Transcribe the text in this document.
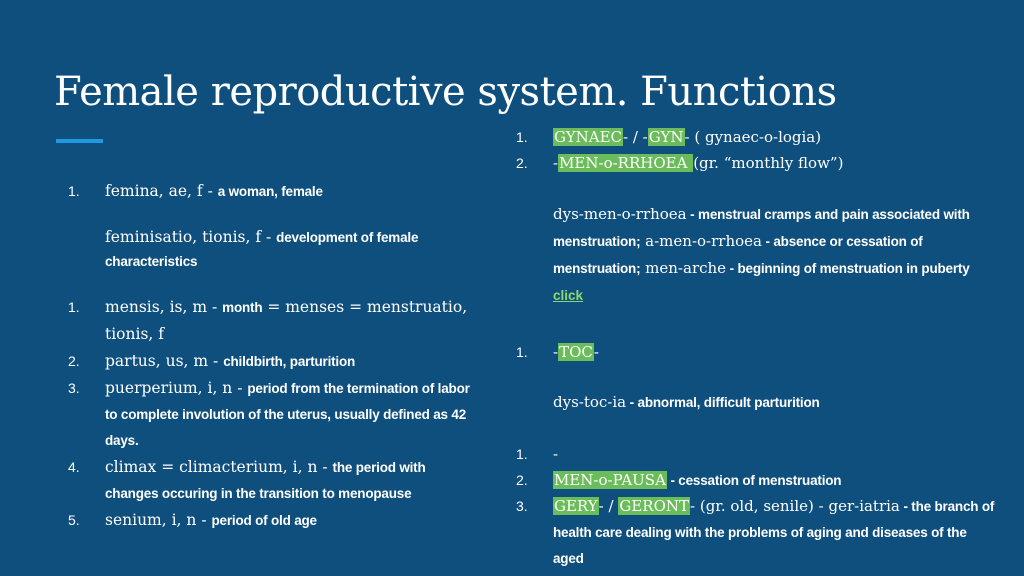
Female reproductive system. Functions
1.	femina, ae, f - a woman, female
feminisatio, tionis, f - development of female characteristics
1.	mensis, is, m - month = menses = menstruatio, tionis, f
2.	partus, us, m - childbirth, parturition
3.	puerperium, i, n - period from the termination of labor to complete involution of the uterus, usually defined as 42 days.
4.	climax = climacterium, i, n - the period with changes occuring in the transition to menopause
5.	senium, i, n - period of old age
1.	GYNAEC- / -GYN- ( gynaec-o-logia)
2.	-MEN-o-RRHOEA (gr. “monthly flow”)
dys-men-o-rrhoea - menstrual cramps and pain associated with menstruation; a-men-o-rrhoea - absence or cessation of menstruation; men-arche - beginning of menstruation in puberty click
1.	-TOC-
dys-toc-ia - abnormal, difficult parturition
1.	-
2.	MEN-o-PAUSA - cessation of menstruation
3.	GERY- / GERONT- (gr. old, senile) - ger-iatria - the branch of health care dealing with the problems of aging and diseases of the aged
